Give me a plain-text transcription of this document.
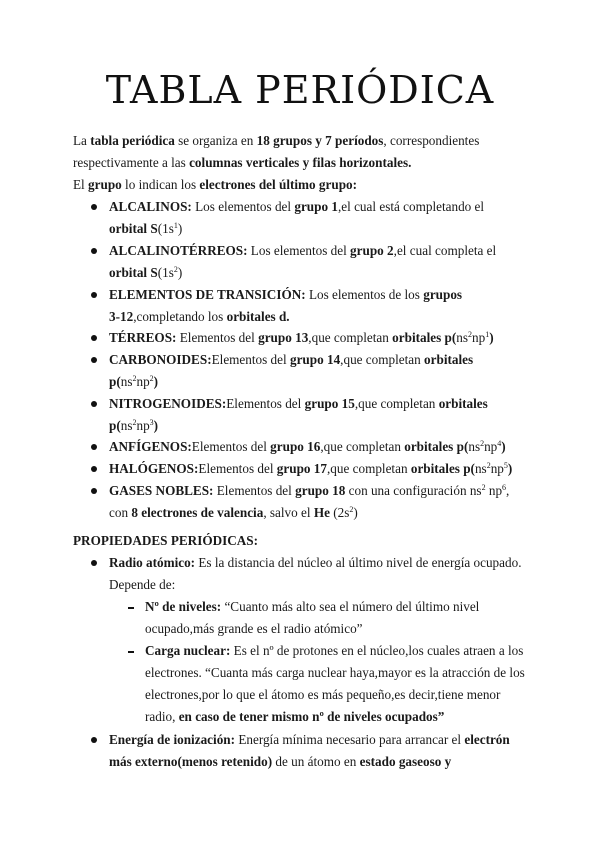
TABLA PERIÓDICA
La tabla periódica se organiza en 18 grupos y 7 períodos, correspondientes
respectivamente a las columnas verticales y filas horizontales.
El grupo lo indican los electrones del último grupo:
ALCALINOS: Los elementos del grupo 1,el cual está completando el
orbital $S(1s^1)$
ALCALINOTÉRREOS: Los elementos del grupo 2,el cual completa el
orbital $S(1s^2)$
ELEMENTOS DE TRANSICIÓN: Los elementos de los grupos
3-12,completando los orbitales d.
TÉRREOS: Elementos del grupo 13,que completan orbitales $p(ns^2np^1)$
CARBONOIDES:Elementos del grupo 14,que completan orbitales
$p(ns^2np^2)$
NITROGENOIDES:Elementos del grupo 15,que completan orbitales
$p(ns^2np^3)$
ANFÍGENOS:Elementos del grupo 16,que completan orbitales $p(ns^2np^4)$
HALÓGENOS:Elementos del grupo 17,que completan orbitales $p(ns^2np^5)$
GASES NOBLES: Elementos del grupo 18 con una configuración $ns^2$ $np^6$,
con 8 electrones de valencia, salvo el He $(2s^2)$
PROPIEDADES PERIÓDICAS:
Radio atómico: Es la distancia del núcleo al último nivel de energía ocupado.
Depende de:
Nº de niveles: “Cuanto más alto sea el número del último nivel
ocupado,más grande es el radio atómico”
Carga nuclear: Es el nº de protones en el núcleo,los cuales atraen a los
electrones. “Cuanta más carga nuclear haya,mayor es la atracción de los
electrones,por lo que el átomo es más pequeño,es decir,tiene menor
radio, en caso de tener mismo nº de niveles ocupados”
Energía de ionización: Energía mínima necesario para arrancar el electrón
más externo(menos retenido) de un átomo en estado gaseoso y
